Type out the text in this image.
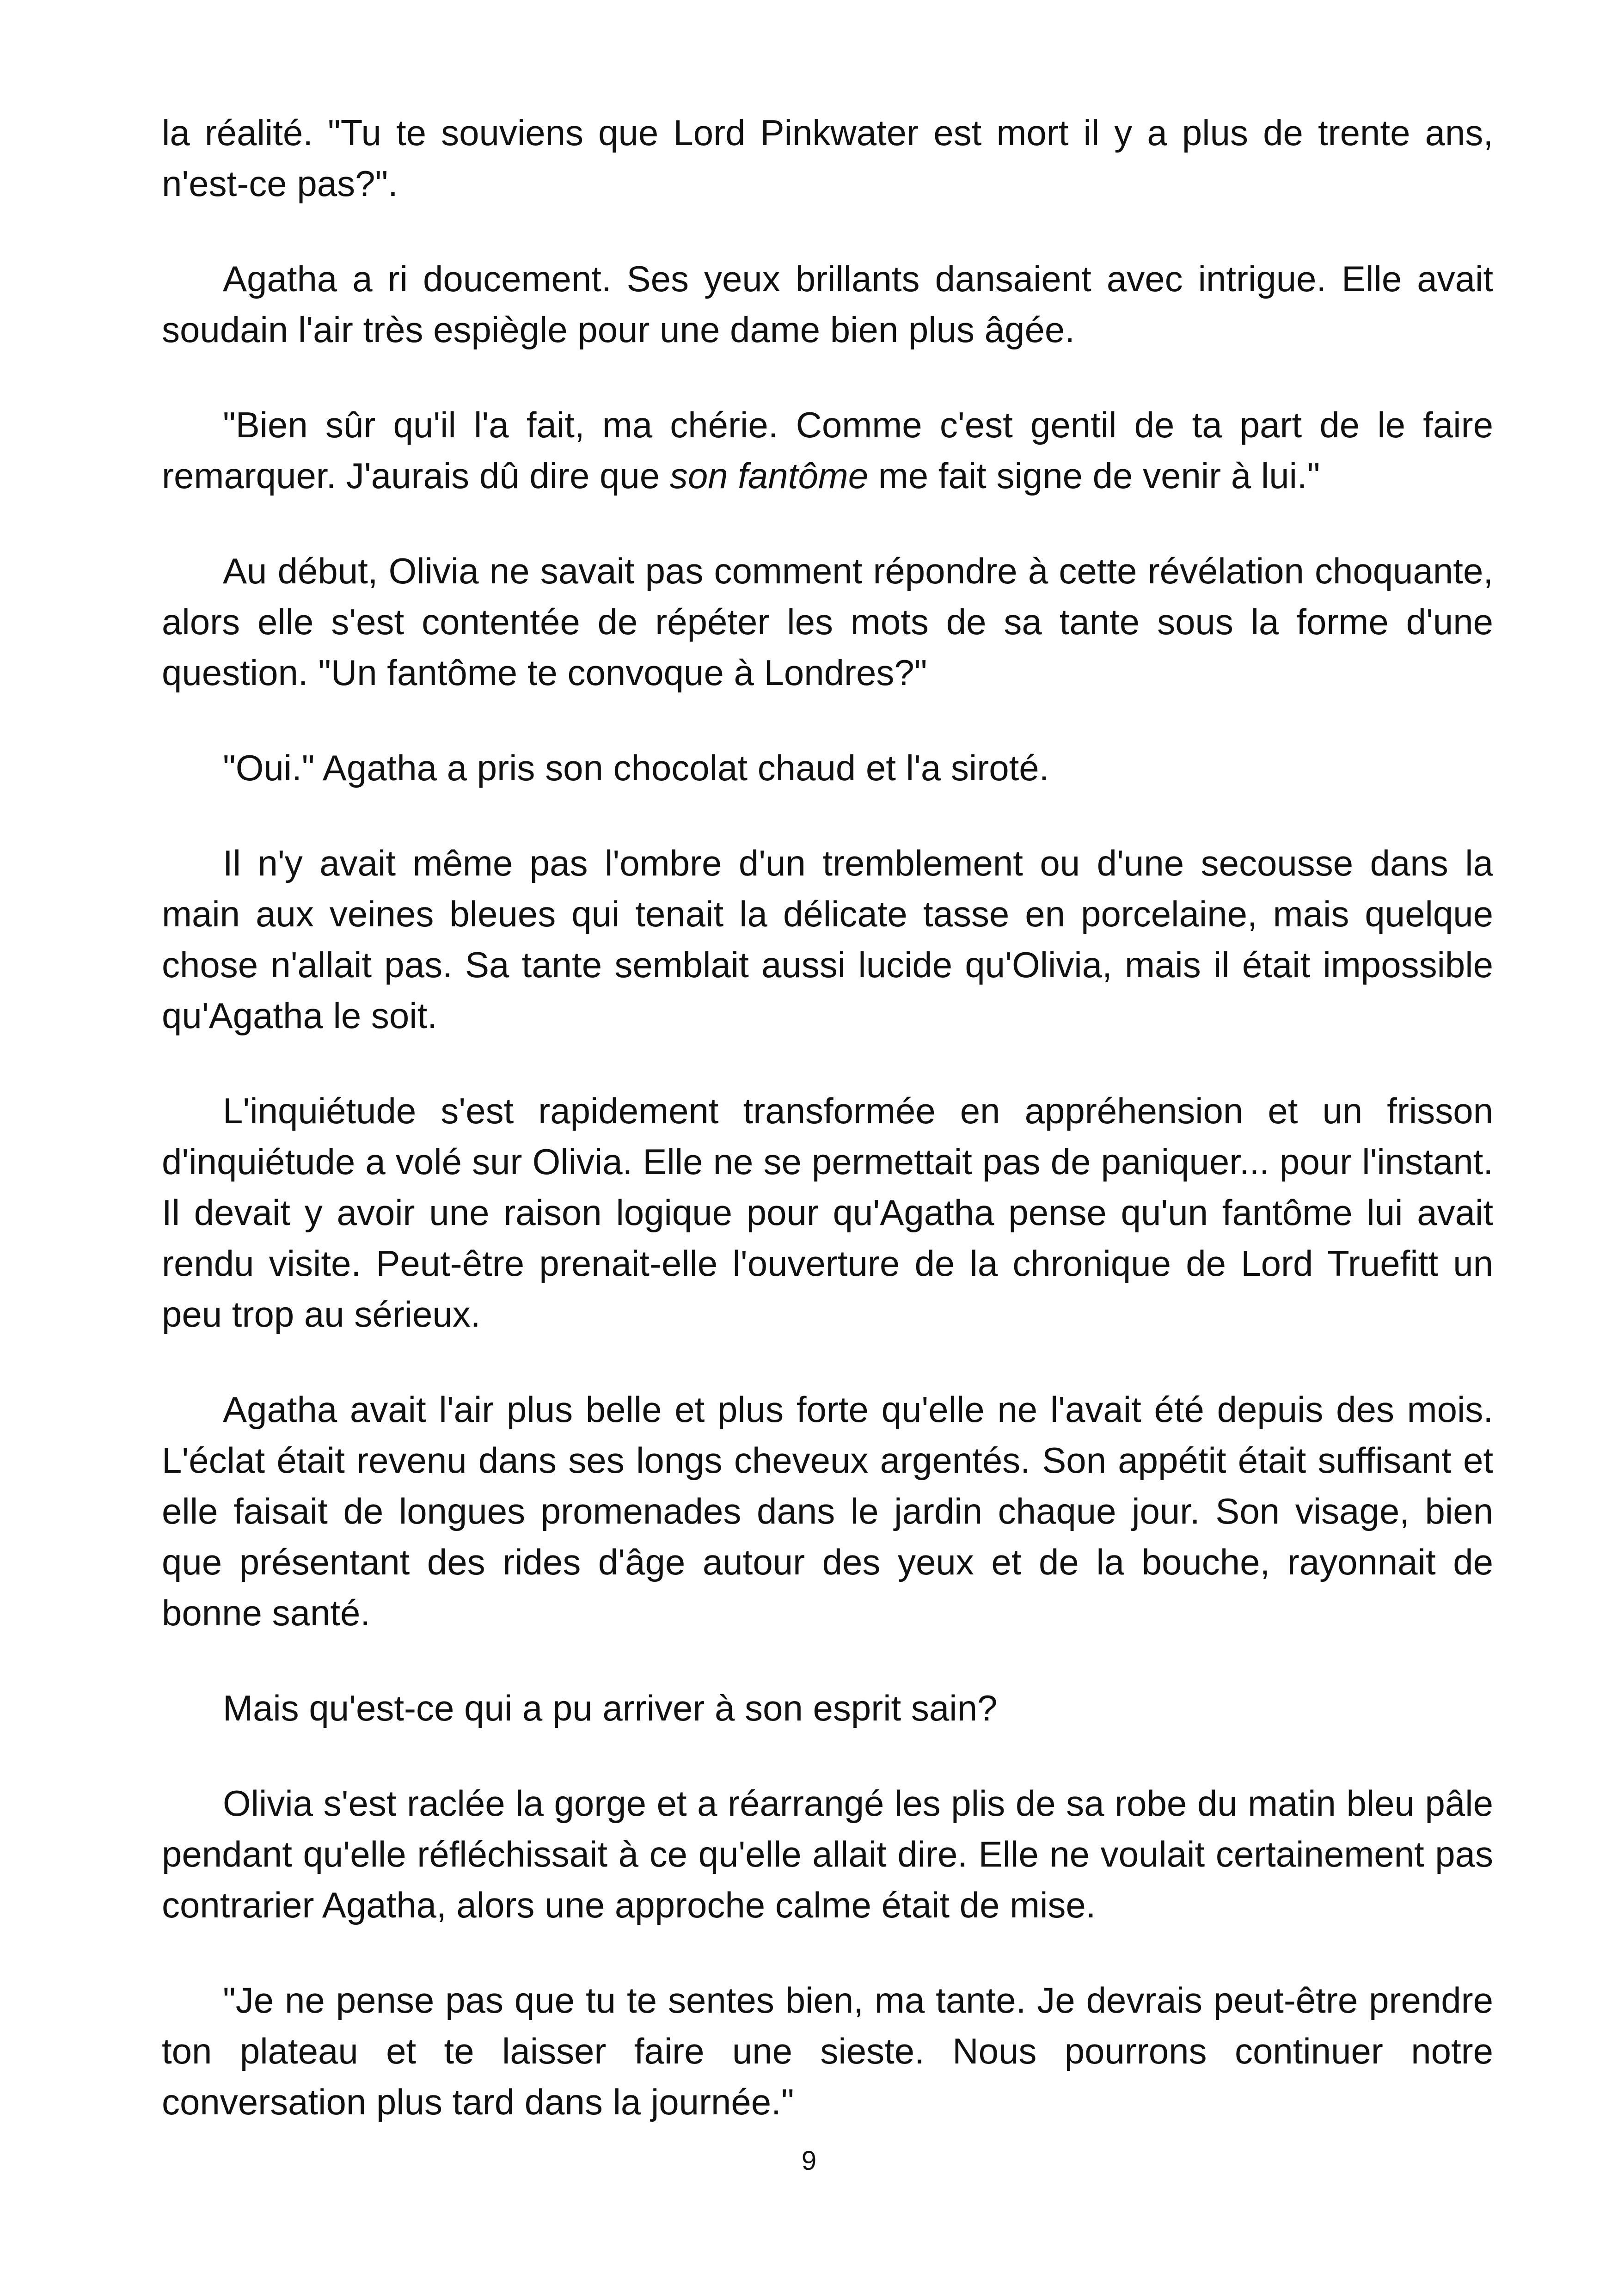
la réalité. "Tu te souviens que Lord Pinkwater est mort il y a plus de trente ans, n'est-ce pas?".

Agatha a ri doucement. Ses yeux brillants dansaient avec intrigue. Elle avait soudain l'air très espiègle pour une dame bien plus âgée.

"Bien sûr qu'il l'a fait, ma chérie. Comme c'est gentil de ta part de le faire remarquer. J'aurais dû dire que son fantôme me fait signe de venir à lui."

Au début, Olivia ne savait pas comment répondre à cette révélation choquante, alors elle s'est contentée de répéter les mots de sa tante sous la forme d'une question. "Un fantôme te convoque à Londres?"

"Oui." Agatha a pris son chocolat chaud et l'a siroté.

Il n'y avait même pas l'ombre d'un tremblement ou d'une secousse dans la main aux veines bleues qui tenait la délicate tasse en porcelaine, mais quelque chose n'allait pas. Sa tante semblait aussi lucide qu'Olivia, mais il était impossible qu'Agatha le soit.

L'inquiétude s'est rapidement transformée en appréhension et un frisson d'inquiétude a volé sur Olivia. Elle ne se permettait pas de paniquer... pour l'instant. Il devait y avoir une raison logique pour qu'Agatha pense qu'un fantôme lui avait rendu visite. Peut-être prenait-elle l'ouverture de la chronique de Lord Truefitt un peu trop au sérieux.

Agatha avait l'air plus belle et plus forte qu'elle ne l'avait été depuis des mois. L'éclat était revenu dans ses longs cheveux argentés. Son appétit était suffisant et elle faisait de longues promenades dans le jardin chaque jour. Son visage, bien que présentant des rides d'âge autour des yeux et de la bouche, rayonnait de bonne santé.

Mais qu'est-ce qui a pu arriver à son esprit sain?

Olivia s'est raclée la gorge et a réarrangé les plis de sa robe du matin bleu pâle pendant qu'elle réfléchissait à ce qu'elle allait dire. Elle ne voulait certainement pas contrarier Agatha, alors une approche calme était de mise.

"Je ne pense pas que tu te sentes bien, ma tante. Je devrais peut-être prendre ton plateau et te laisser faire une sieste. Nous pourrons continuer notre conversation plus tard dans la journée."

9
